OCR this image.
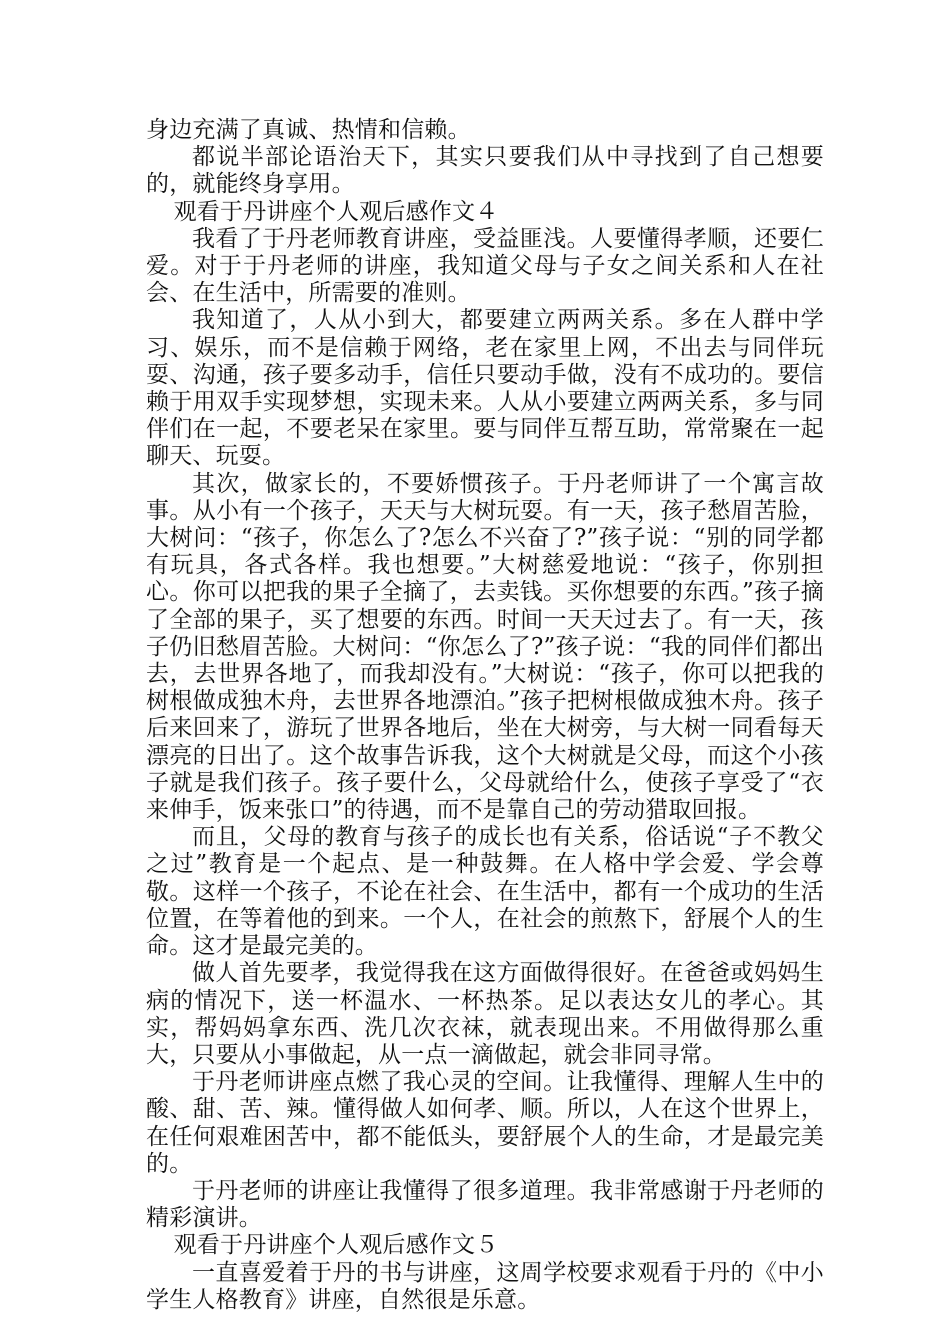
身边充满了真诚、热情和信赖。

都说半部论语治天下，其实只要我们从中寻找到了自己想要的，就能终身享用。

观看于丹讲座个人观后感作文４

我看了于丹老师教育讲座，受益匪浅。人要懂得孝顺，还要仁爱。对于于丹老师的讲座，我知道父母与子女之间关系和人在社会、在生活中，所需要的准则。

我知道了，人从小到大，都要建立两两关系。多在人群中学习、娱乐，而不是信赖于网络，老在家里上网，不出去与同伴玩耍、沟通，孩子要多动手，信任只要动手做，没有不成功的。要信赖于用双手实现梦想，实现未来。人从小要建立两两关系，多与同伴们在一起，不要老呆在家里。要与同伴互帮互助，常常聚在一起聊天、玩耍。

其次，做家长的，不要娇惯孩子。于丹老师讲了一个寓言故事。从小有一个孩子，天天与大树玩耍。有一天，孩子愁眉苦脸，大树问：“孩子，你怎么了?怎么不兴奋了?”孩子说：“别的同学都有玩具，各式各样。我也想要。”大树慈爱地说：“孩子，你别担心。你可以把我的果子全摘了，去卖钱。买你想要的东西。”孩子摘了全部的果子，买了想要的东西。时间一天天过去了。有一天，孩子仍旧愁眉苦脸。大树问：“你怎么了?”孩子说：“我的同伴们都出去，去世界各地了，而我却没有。”大树说：“孩子，你可以把我的树根做成独木舟，去世界各地漂泊。”孩子把树根做成独木舟。孩子后来回来了，游玩了世界各地后，坐在大树旁，与大树一同看每天漂亮的日出了。这个故事告诉我，这个大树就是父母，而这个小孩子就是我们孩子。孩子要什么，父母就给什么，使孩子享受了“衣来伸手，饭来张口”的待遇，而不是靠自己的劳动猎取回报。

而且，父母的教育与孩子的成长也有关系，俗话说“子不教父之过”教育是一个起点、是一种鼓舞。在人格中学会爱、学会尊敬。这样一个孩子，不论在社会、在生活中，都有一个成功的生活位置，在等着他的到来。一个人，在社会的煎熬下，舒展个人的生命。这才是最完美的。

做人首先要孝，我觉得我在这方面做得很好。在爸爸或妈妈生病的情况下，送一杯温水、一杯热茶。足以表达女儿的孝心。其实，帮妈妈拿东西、洗几次衣袜，就表现出来。不用做得那么重大，只要从小事做起，从一点一滴做起，就会非同寻常。

于丹老师讲座点燃了我心灵的空间。让我懂得、理解人生中的酸、甜、苦、辣。懂得做人如何孝、顺。所以，人在这个世界上，在任何艰难困苦中，都不能低头，要舒展个人的生命，才是最完美的。

于丹老师的讲座让我懂得了很多道理。我非常感谢于丹老师的精彩演讲。

观看于丹讲座个人观后感作文５

一直喜爱着于丹的书与讲座，这周学校要求观看于丹的《中小学生人格教育》讲座，自然很是乐意。
